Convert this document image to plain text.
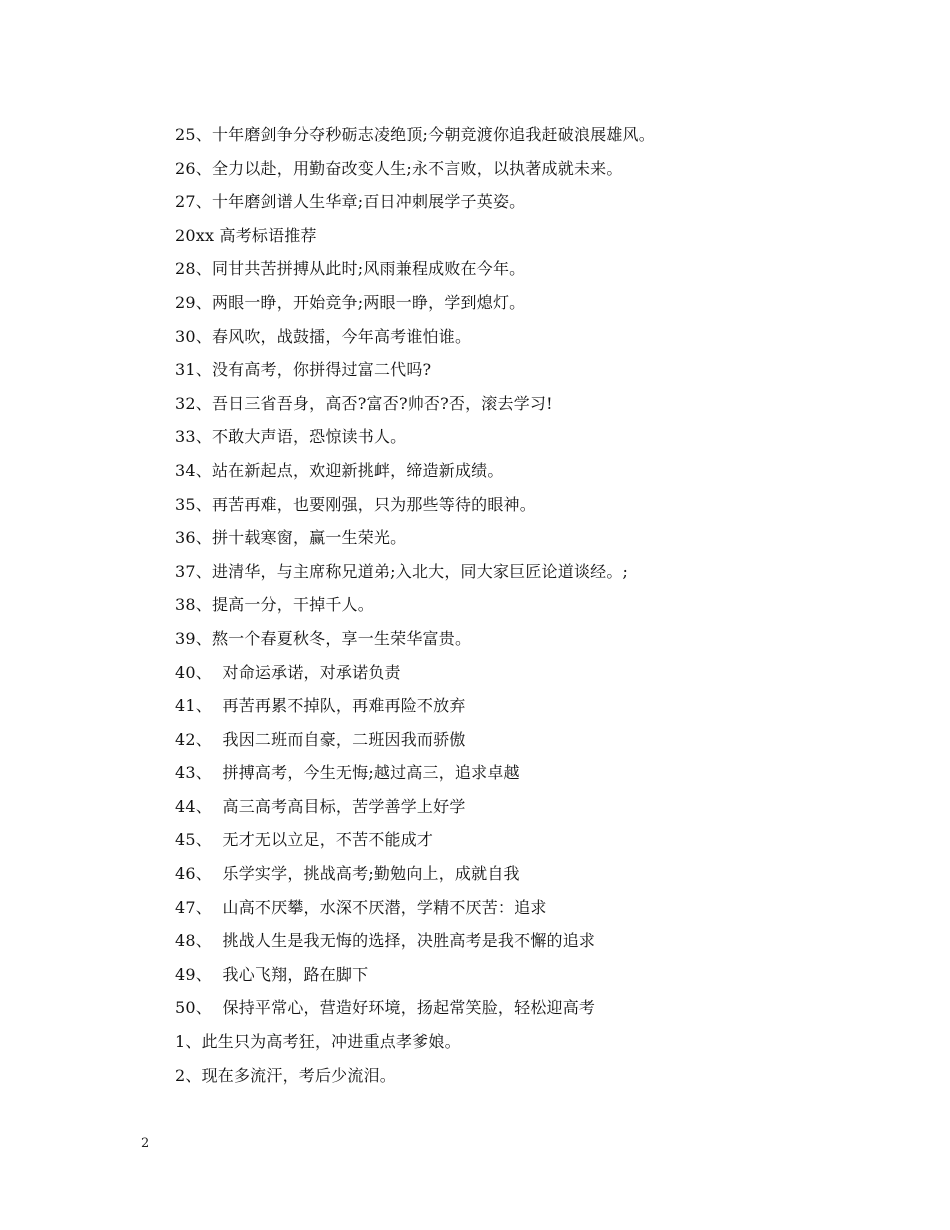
25、十年磨剑争分夺秒砺志凌绝顶;今朝竞渡你追我赶破浪展雄风。
26、全力以赴，用勤奋改变人生;永不言败，以执著成就未来。
27、十年磨剑谱人生华章;百日冲刺展学子英姿。
20xx 高考标语推荐
28、同甘共苦拼搏从此时;风雨兼程成败在今年。
29、两眼一睁，开始竞争;两眼一睁，学到熄灯。
30、春风吹，战鼓擂，今年高考谁怕谁。
31、没有高考，你拼得过富二代吗?
32、吾日三省吾身，高否?富否?帅否?否，滚去学习!
33、不敢大声语，恐惊读书人。
34、站在新起点，欢迎新挑衅，缔造新成绩。
35、再苦再难，也要刚强，只为那些等待的眼神。
36、拼十载寒窗，赢一生荣光。
37、进清华，与主席称兄道弟;入北大，同大家巨匠论道谈经。;
38、提高一分，干掉千人。
39、熬一个春夏秋冬，享一生荣华富贵。
40、  对命运承诺，对承诺负责
41、  再苦再累不掉队，再难再险不放弃
42、  我因二班而自豪，二班因我而骄傲
43、  拼搏高考，今生无悔;越过高三，追求卓越
44、  高三高考高目标，苦学善学上好学
45、  无才无以立足，不苦不能成才
46、  乐学实学，挑战高考;勤勉向上，成就自我
47、  山高不厌攀，水深不厌潜，学精不厌苦：追求
48、  挑战人生是我无悔的选择，决胜高考是我不懈的追求
49、  我心飞翔，路在脚下
50、  保持平常心，营造好环境，扬起常笑脸，轻松迎高考
1、此生只为高考狂，冲进重点孝爹娘。
2、现在多流汗，考后少流泪。
2
